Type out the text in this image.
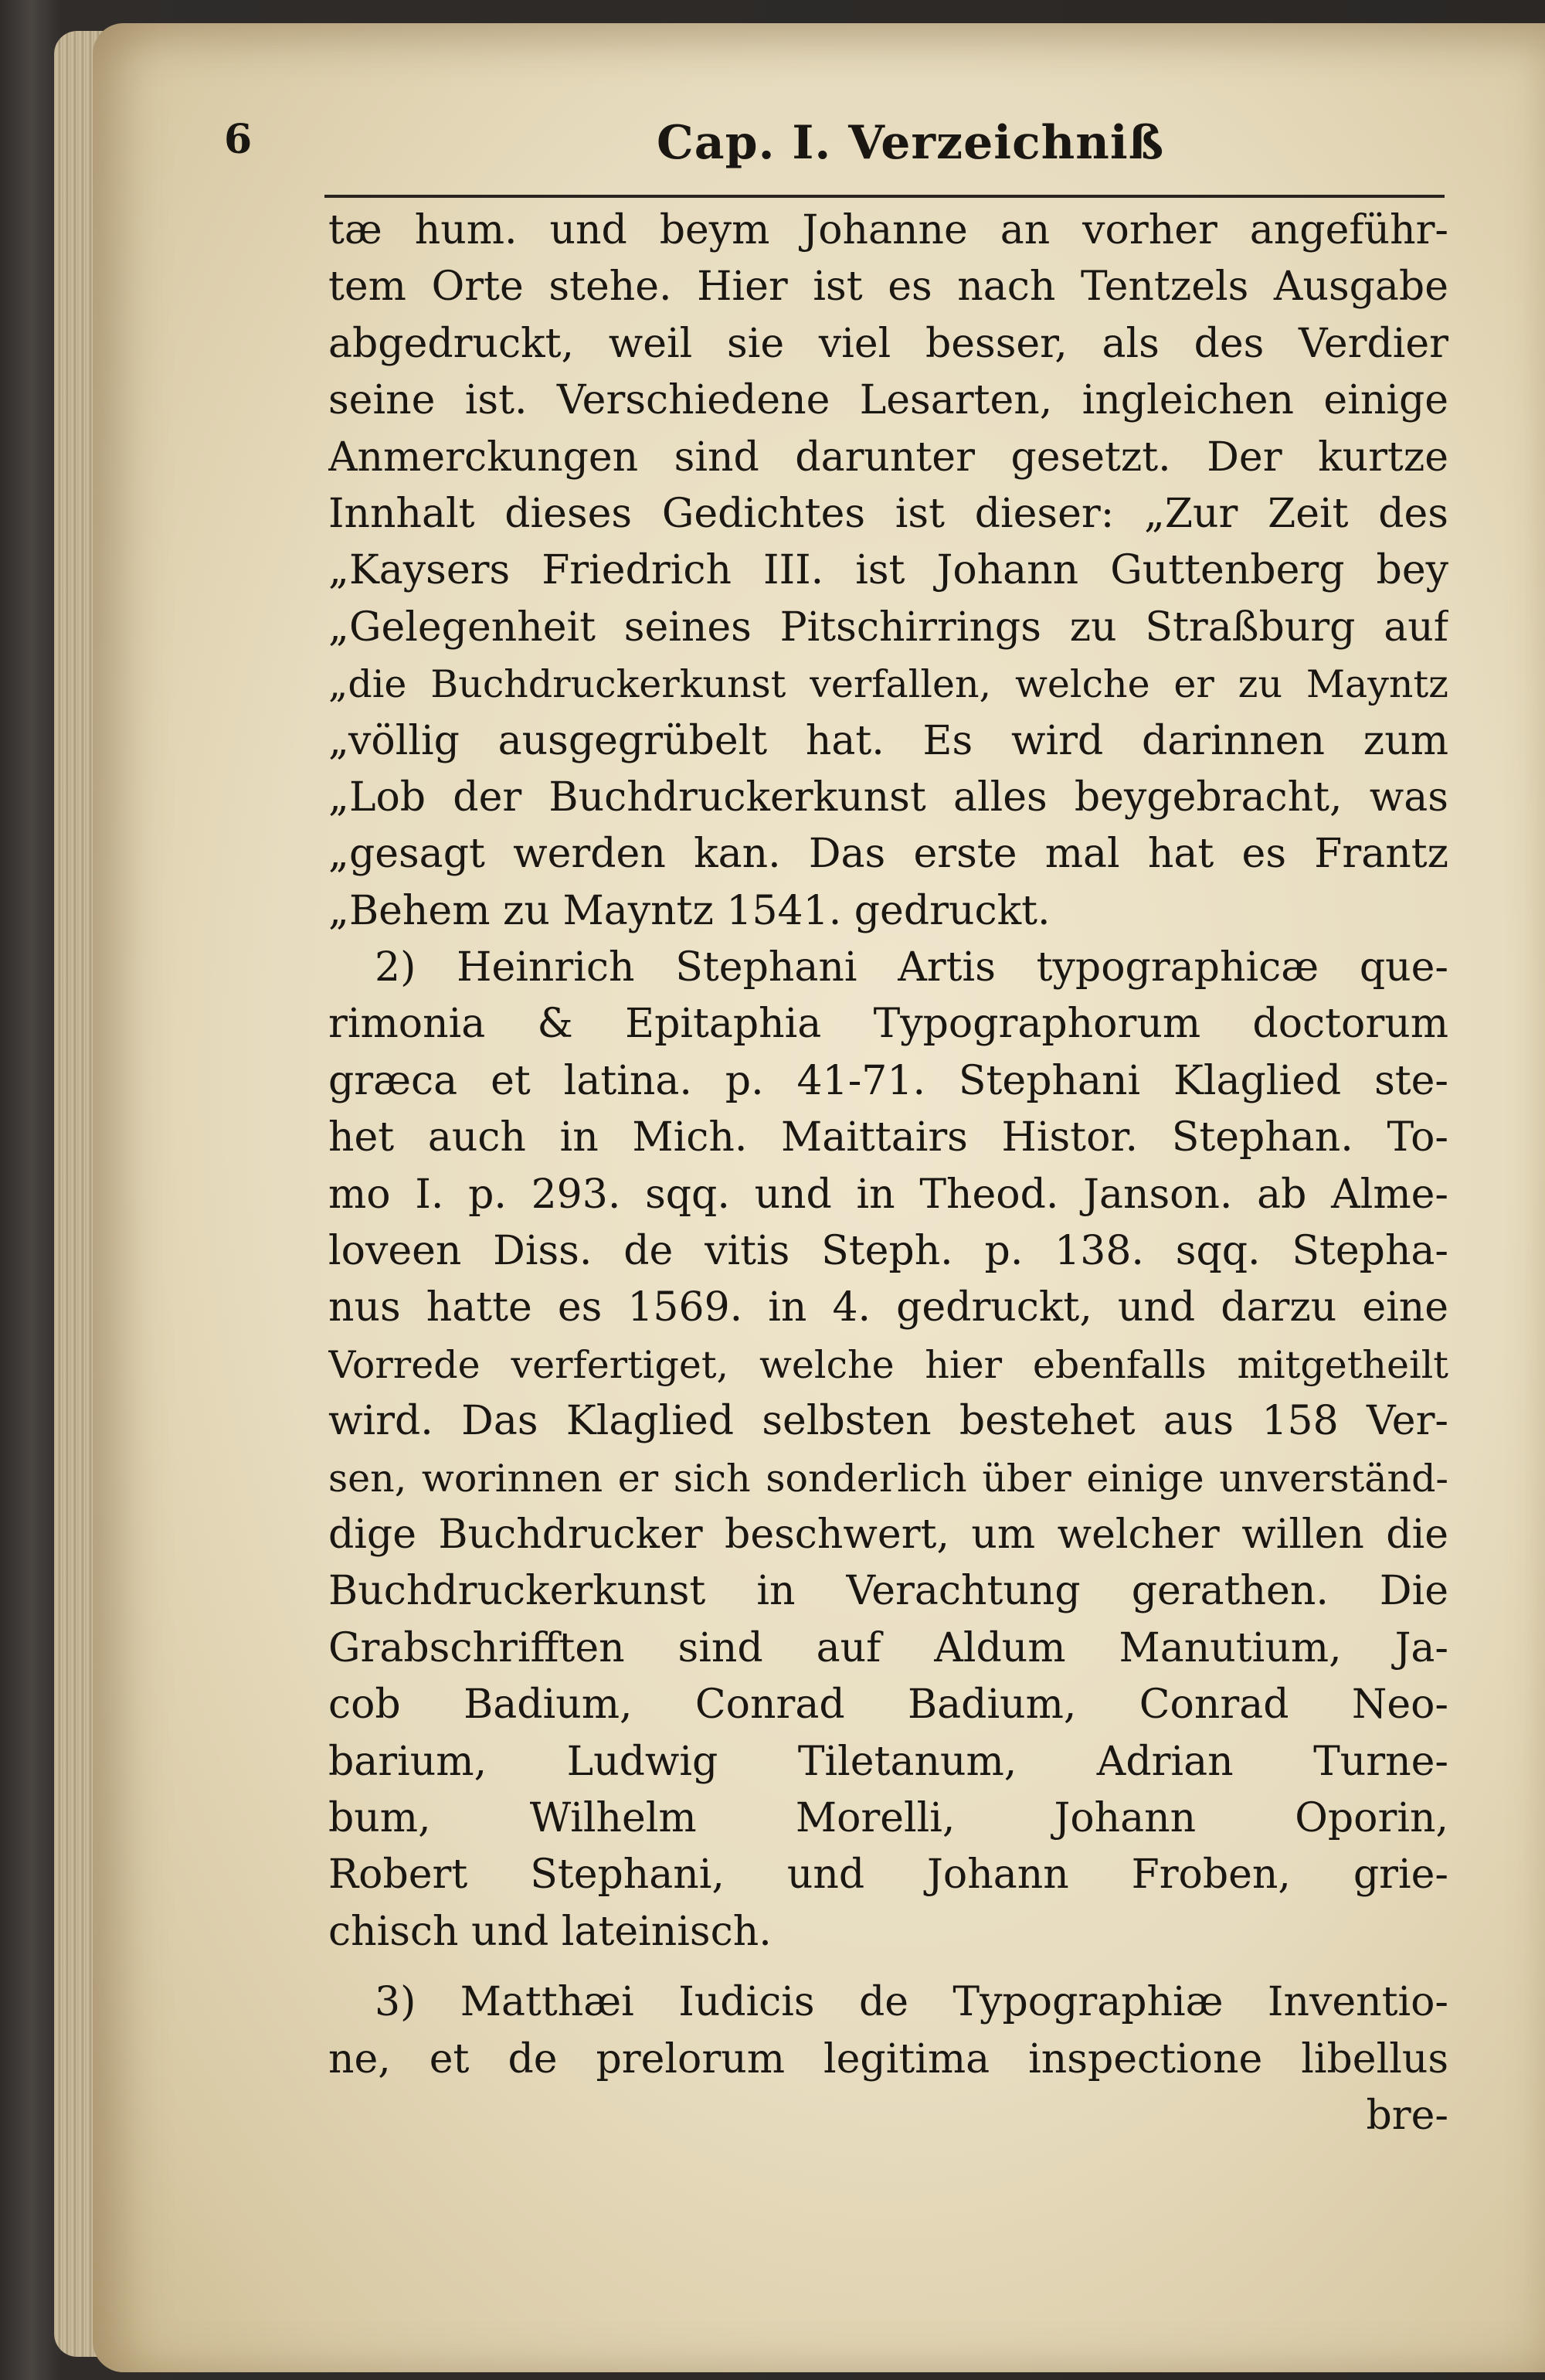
6	Cap. I. Verzeichniß
tæ hum. und beym Johanne an vorher angeführ-
tem Orte stehe. Hier ist es nach Tentzels Ausgabe
abgedruckt, weil sie viel besser, als des Verdier
seine ist. Verschiedene Lesarten, ingleichen einige
Anmerckungen sind darunter gesetzt. Der kurtze
Innhalt dieses Gedichtes ist dieser: „Zur Zeit des
„Kaysers Friedrich III. ist Johann Guttenberg bey
„Gelegenheit seines Pitschirrings zu Straßburg auf
„die Buchdruckerkunst verfallen, welche er zu Mayntz
„völlig ausgegrübelt hat. Es wird darinnen zum
„Lob der Buchdruckerkunst alles beygebracht, was
„gesagt werden kan. Das erste mal hat es Frantz
„Behem zu Mayntz 1541. gedruckt.
2) Heinrich Stephani Artis typographicæ que-
rimonia & Epitaphia Typographorum doctorum
græca et latina. p. 41-71. Stephani Klaglied ste-
het auch in Mich. Maittairs Histor. Stephan. To-
mo I. p. 293. sqq. und in Theod. Janson. ab Alme-
loveen Diss. de vitis Steph. p. 138. sqq. Stepha-
nus hatte es 1569. in 4. gedruckt, und darzu eine
Vorrede verfertiget, welche hier ebenfalls mitgetheilt
wird. Das Klaglied selbsten bestehet aus 158 Ver-
sen, worinnen er sich sonderlich über einige unverständ-
dige Buchdrucker beschwert, um welcher willen die
Buchdruckerkunst in Verachtung gerathen. Die
Grabschrifften sind auf Aldum Manutium, Ja-
cob Badium, Conrad Badium, Conrad Neo-
barium, Ludwig Tiletanum, Adrian Turne-
bum, Wilhelm Morelli, Johann Oporin,
Robert Stephani, und Johann Froben, grie-
chisch und lateinisch.
3) Matthæi Iudicis de Typographiæ Inventio-
ne, et de prelorum legitima inspectione libellus
bre-
